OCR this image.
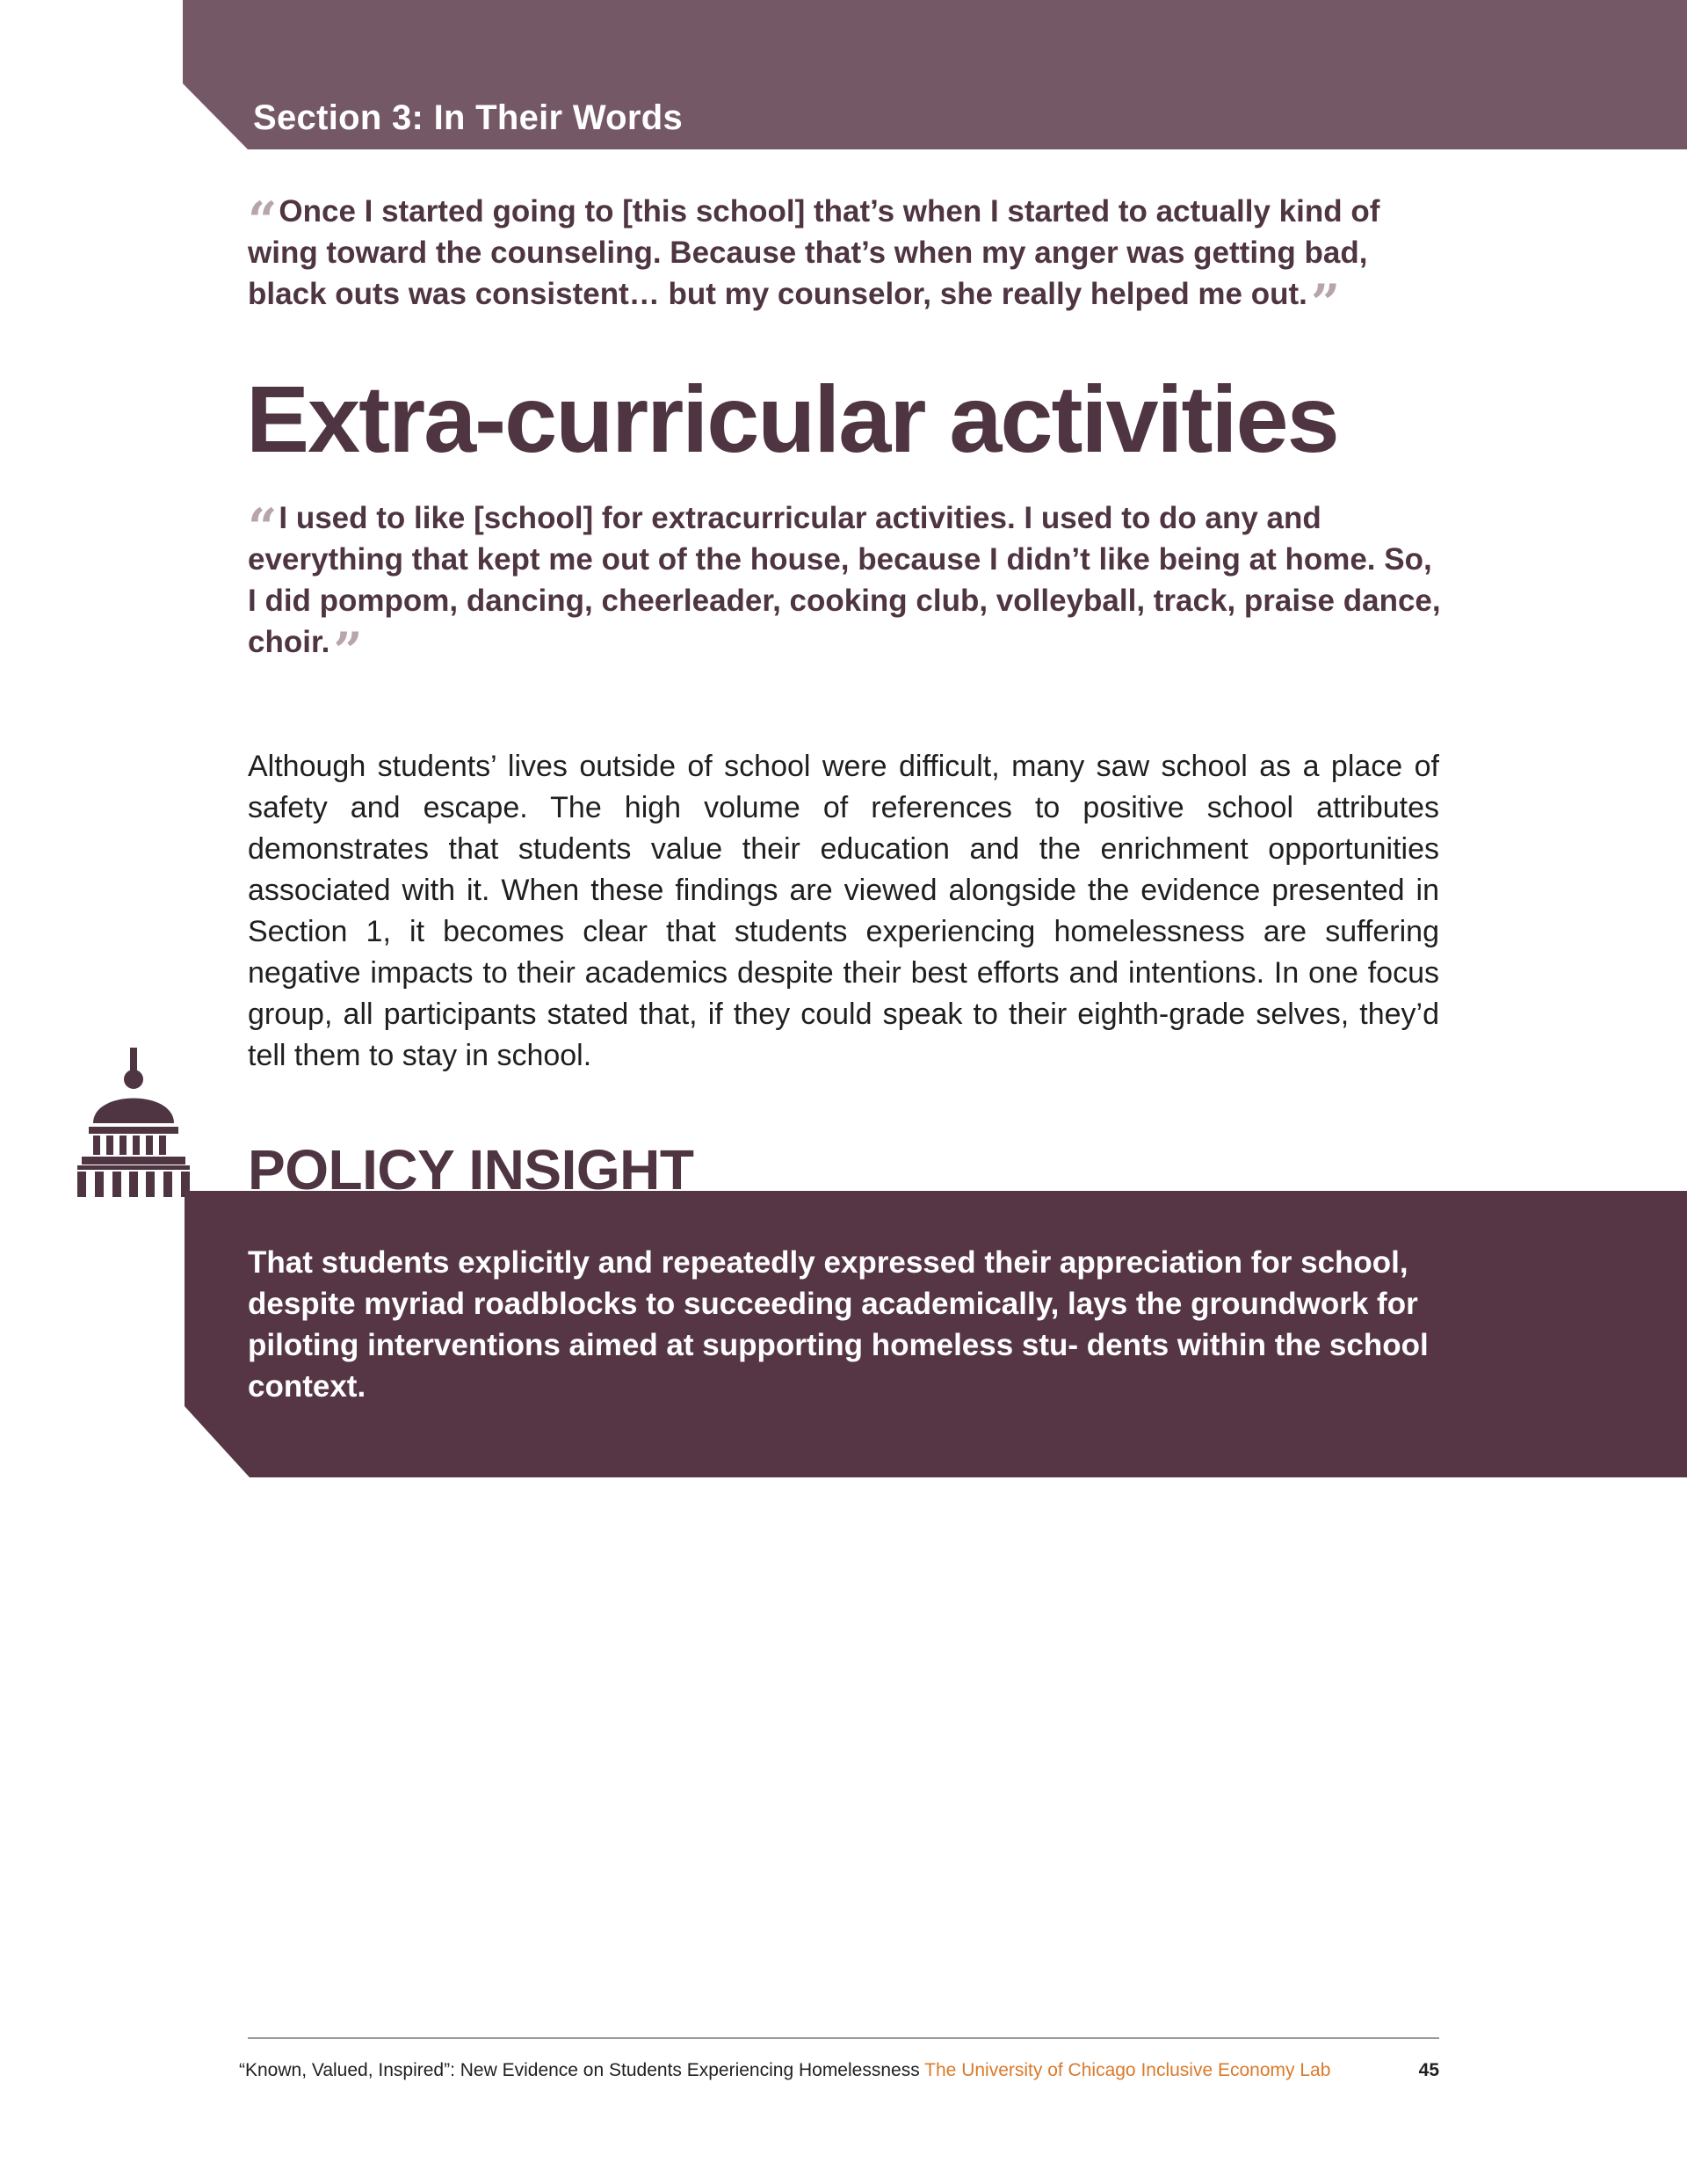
Section 3: In Their Words

“ Once I started going to [this school] that’s when I started to actually kind of wing toward the counseling. Because that’s when my anger was getting bad, black outs was consistent… but my counselor, she really helped me out.”

Extra-curricular activities

“ I used to like [school] for extracurricular activities. I used to do any and everything that kept me out of the house, because I didn’t like being at home. So, I did pompom, dancing, cheerleader, cooking club, volleyball, track, praise dance, choir.”

Although students’ lives outside of school were difficult, many saw school as a place of safety and escape. The high volume of references to positive school attributes demonstrates that students value their education and the enrichment opportunities associated with it. When these findings are viewed alongside the evidence presented in Section 1, it becomes clear that students experiencing homelessness are suffering negative impacts to their academics despite their best efforts and intentions. In one focus group, all participants stated that, if they could speak to their eighth-grade selves, they’d tell them to stay in school.

POLICY INSIGHT

That students explicitly and repeatedly expressed their appreciation for school, despite myriad roadblocks to succeeding academically, lays the groundwork for piloting interventions aimed at supporting homeless stu- dents within the school context.

“Known, Valued, Inspired”: New Evidence on Students Experiencing Homelessness The University of Chicago Inclusive Economy Lab	45
